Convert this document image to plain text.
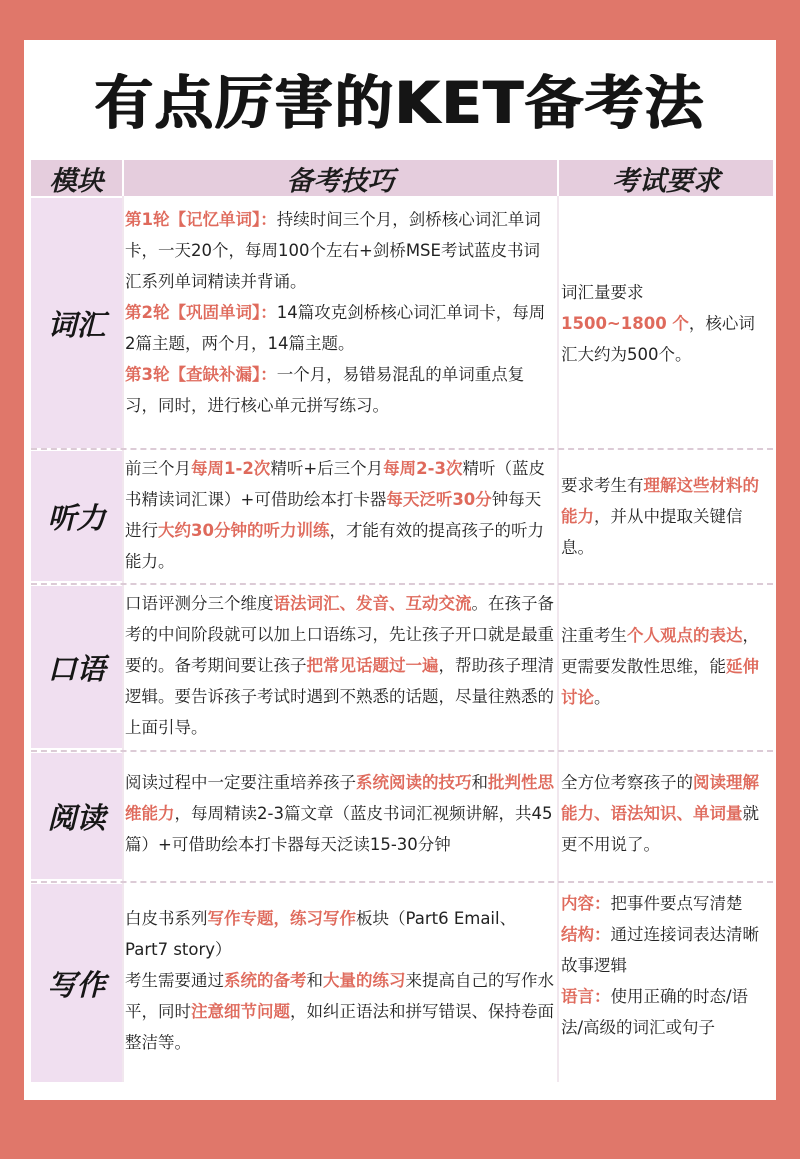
有点厉害的KET备考法
模块	备考技巧	考试要求
词汇
第1轮【记忆单词】：持续时间三个月，剑桥核心词汇单词卡，一天20个，每周100个左右+剑桥MSE考试蓝皮书词汇系列单词精读并背诵。
第2轮【巩固单词】：14篇攻克剑桥核心词汇单词卡，每周2篇主题，两个月，14篇主题。
第3轮【查缺补漏】：一个月，易错易混乱的单词重点复习，同时，进行核心单元拼写练习。
词汇量要求
1500~1800 个，核心词汇大约为500个。
听力
前三个月每周1-2次精听+后三个月每周2-3次精听（蓝皮书精读词汇课）+可借助绘本打卡器每天泛听30分钟每天进行大约30分钟的听力训练，才能有效的提高孩子的听力能力。
要求考生有理解这些材料的能力，并从中提取关键信息。
口语
口语评测分三个维度语法词汇、发音、互动交流。在孩子备考的中间阶段就可以加上口语练习，先让孩子开口就是最重要的。备考期间要让孩子把常见话题过一遍，帮助孩子理清逻辑。要告诉孩子考试时遇到不熟悉的话题，尽量往熟悉的上面引导。
注重考生个人观点的表达，更需要发散性思维，能延伸讨论。
阅读
阅读过程中一定要注重培养孩子系统阅读的技巧和批判性思维能力，每周精读2-3篇文章（蓝皮书词汇视频讲解，共45篇）+可借助绘本打卡器每天泛读15-30分钟
全方位考察孩子的阅读理解能力、语法知识、单词量就更不用说了。
写作
白皮书系列写作专题，练习写作板块（Part6 Email、Part7 story）
考生需要通过系统的备考和大量的练习来提高自己的写作水平，同时注意细节问题，如纠正语法和拼写错误、保持卷面整洁等。
内容：把事件要点写清楚
结构：通过连接词表达清晰故事逻辑
语言：使用正确的时态/语法/高级的词汇或句子
